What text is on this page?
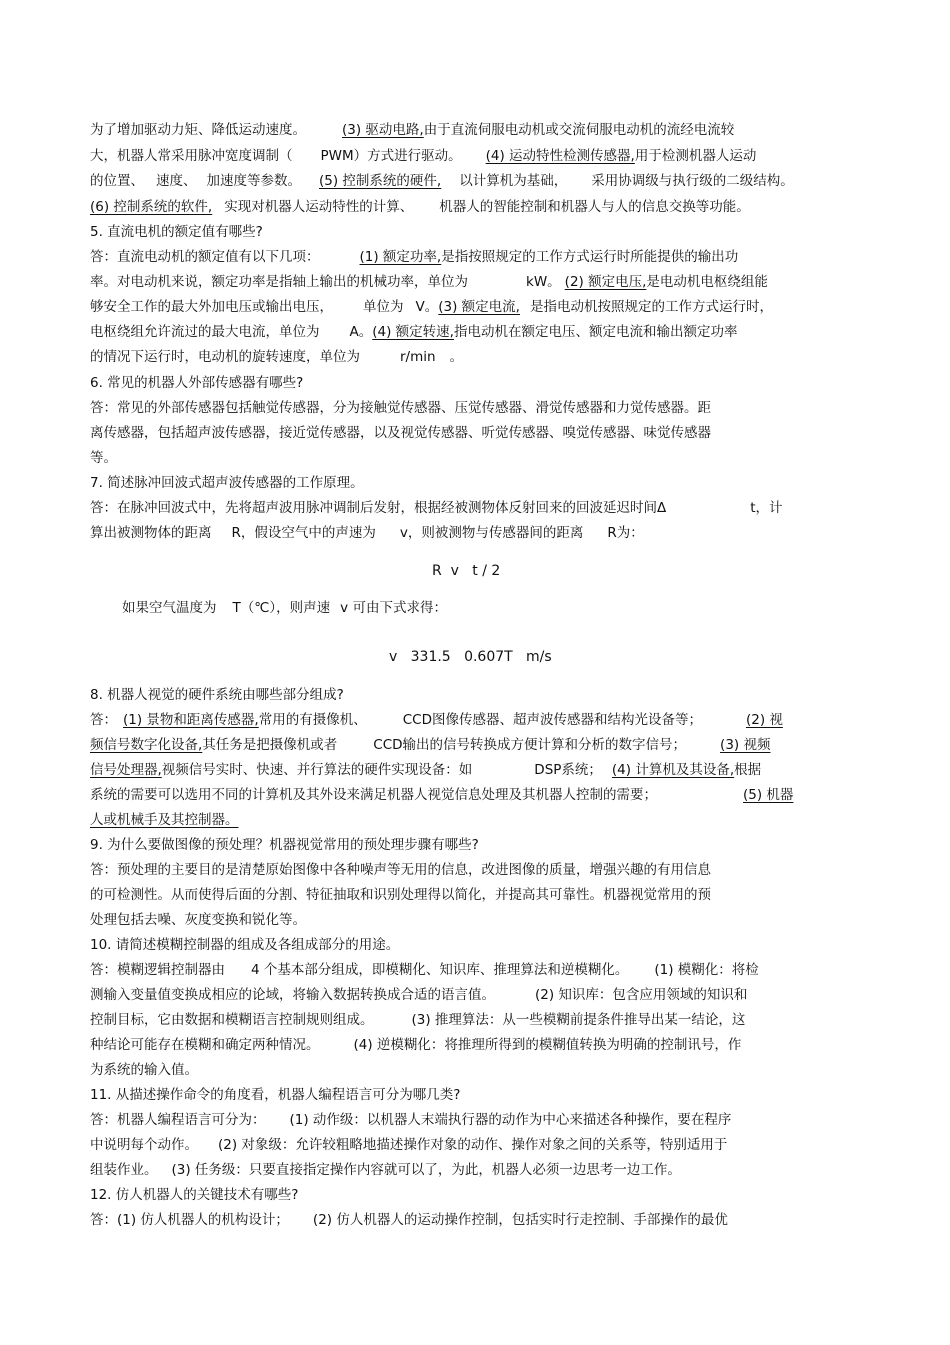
为了增加驱动力矩、降低运动速度。	(3) 驱动电路,由于直流伺服电动机或交流伺服电动机的流经电流较
大，机器人常采用脉冲宽度调制（ PWM）方式进行驱动。 (4) 运动特性检测传感器,用于检测机器人运动
的位置、 速度、 加速度等参数。 (5) 控制系统的硬件, 以计算机为基础， 采用协调级与执行级的二级结构。
(6) 控制系统的软件, 实现对机器人运动特性的计算、 机器人的智能控制和机器人与人的信息交换等功能。
5. 直流电机的额定值有哪些?
答：直流电动机的额定值有以下几项：	(1) 额定功率,是指按照规定的工作方式运行时所能提供的输出功
率。对电动机来说，额定功率是指轴上输出的机械功率，单位为	kW。 (2) 额定电压,是电动机电枢绕组能
够安全工作的最大外加电压或输出电压， 单位为 V。(3) 额定电流, 是指电动机按照规定的工作方式运行时，
电枢绕组允许流过的最大电流，单位为 A。(4) 额定转速,指电动机在额定电压、额定电流和输出额定功率
的情况下运行时，电动机的旋转速度，单位为	r/min 。
6. 常见的机器人外部传感器有哪些?
答：常见的外部传感器包括触觉传感器，分为接触觉传感器、压觉传感器、滑觉传感器和力觉传感器。距
离传感器，包括超声波传感器，接近觉传感器，以及视觉传感器、听觉传感器、嗅觉传感器、味觉传感器
等。
7. 简述脉冲回波式超声波传感器的工作原理。
答：在脉冲回波式中，先将超声波用脉冲调制后发射，根据经被测物体反射回来的回波延迟时间Δ	t，计
算出被测物体的距离 R，假设空气中的声速为 v，则被测物与传感器间的距离 R为：
R  v   t / 2
如果空气温度为 T（℃），则声速 v 可由下式求得：
v   331.5   0.607T   m/s
8. 机器人视觉的硬件系统由哪些部分组成?
答： (1) 景物和距离传感器,常用的有摄像机、	CCD图像传感器、超声波传感器和结构光设备等；	(2) 视
频信号数字化设备,其任务是把摄像机或者	CCD输出的信号转换成方便计算和分析的数字信号；	(3) 视频
信号处理器,视频信号实时、快速、并行算法的硬件实现设备：如	DSP系统； (4) 计算机及其设备,根据
系统的需要可以选用不同的计算机及其外设来满足机器人视觉信息处理及其机器人控制的需要；	(5) 机器
人或机械手及其控制器。
9. 为什么要做图像的预处理？机器视觉常用的预处理步骤有哪些?
答：预处理的主要目的是清楚原始图像中各种噪声等无用的信息，改进图像的质量，增强兴趣的有用信息
的可检测性。从而使得后面的分割、特征抽取和识别处理得以简化，并提高其可靠性。机器视觉常用的预
处理包括去噪、灰度变换和锐化等。
10. 请简述模糊控制器的组成及各组成部分的用途。
答：模糊逻辑控制器由 4 个基本部分组成，即模糊化、知识库、推理算法和逆模糊化。 (1) 模糊化：将检
测输入变量值变换成相应的论域，将输入数据转换成合适的语言值。	(2) 知识库：包含应用领域的知识和
控制目标，它由数据和模糊语言控制规则组成。	(3) 推理算法：从一些模糊前提条件推导出某一结论，这
种结论可能存在模糊和确定两种情况。	(4) 逆模糊化：将推理所得到的模糊值转换为明确的控制讯号，作
为系统的输入值。
11. 从描述操作命令的角度看，机器人编程语言可分为哪几类?
答：机器人编程语言可分为： (1) 动作级：以机器人末端执行器的动作为中心来描述各种操作，要在程序
中说明每个动作。 (2) 对象级：允许较粗略地描述操作对象的动作、操作对象之间的关系等，特别适用于
组装作业。 (3) 任务级：只要直接指定操作内容就可以了，为此，机器人必须一边思考一边工作。
12. 仿人机器人的关键技术有哪些?
答：(1) 仿人机器人的机构设计； (2) 仿人机器人的运动操作控制，包括实时行走控制、手部操作的最优
